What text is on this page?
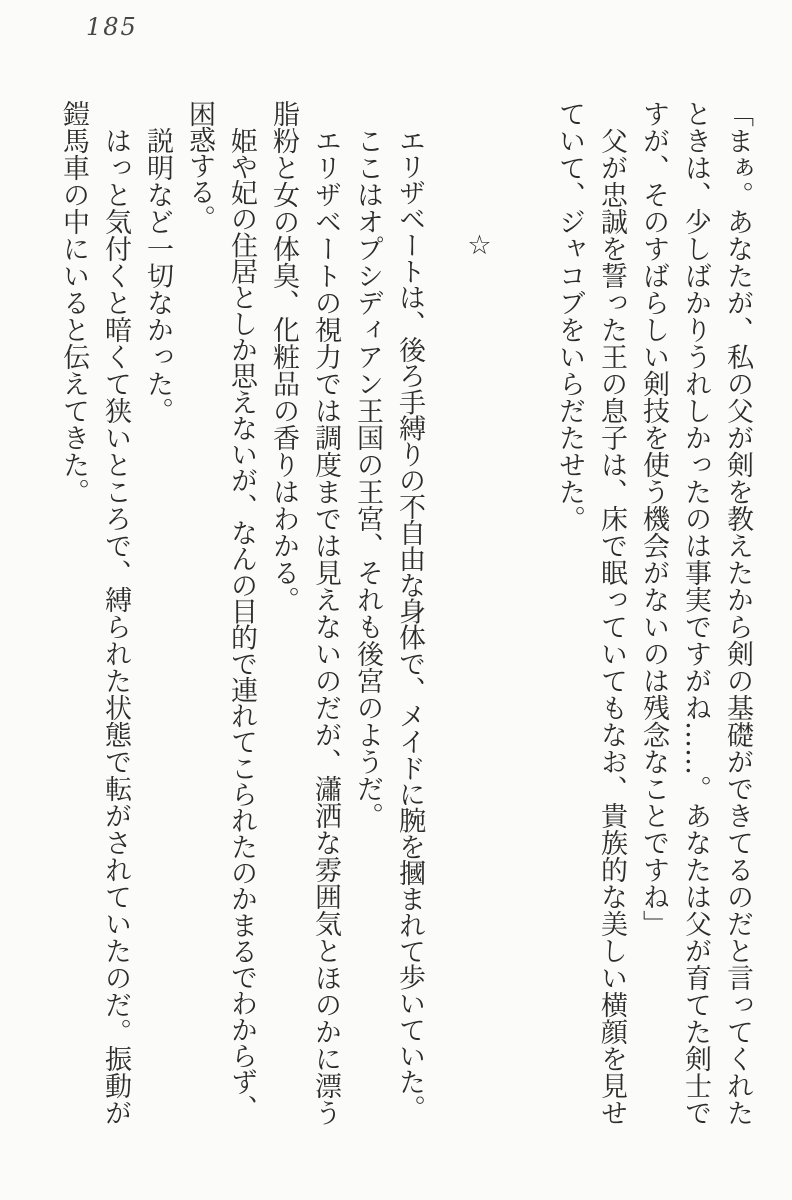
185

「まぁ。あなたが、私の父が剣を教えたから剣の基礎ができてるのだと言ってくれたときは、少しばかりうれしかったのは事実ですがね……。あなたは父が育てた剣士ですが、そのすばらしい剣技を使う機会がないのは残念なことですね」

父が忠誠を誓った王の息子は、床で眠っていてもなお、貴族的な美しい横顔を見せていて、ジャコブをいらだたせた。

☆

エリザベートは、後ろ手縛りの不自由な身体で、メイドに腕を摑まれて歩いていた。

ここはオプシディアン王国の王宮、それも後宮のようだ。

エリザベートの視力では調度までは見えないのだが、瀟洒な雰囲気とほのかに漂う脂粉と女の体臭、化粧品の香りはわかる。

姫や妃の住居としか思えないが、なんの目的で連れてこられたのかまるでわからず、困惑する。

説明など一切なかった。

はっと気付くと暗くて狭いところで、縛られた状態で転がされていたのだ。振動が鎧馬車の中にいると伝えてきた。
